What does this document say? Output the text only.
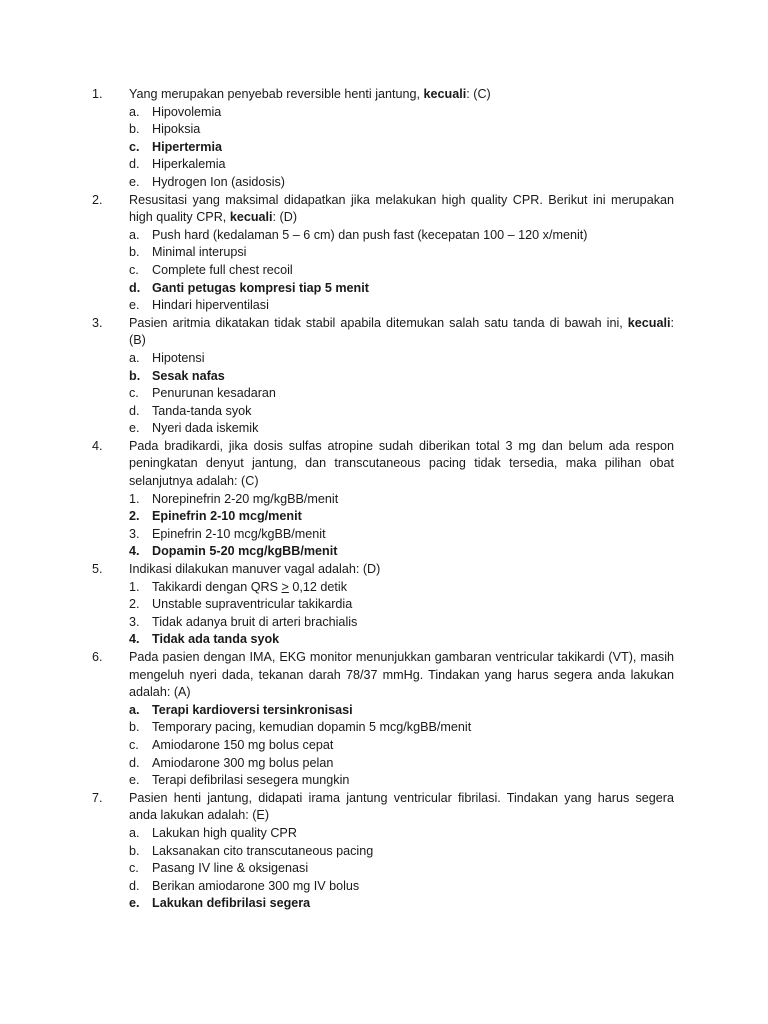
1. Yang merupakan penyebab reversible henti jantung, kecuali: (C)
a. Hipovolemia
b. Hipoksia
c. Hipertermia
d. Hiperkalemia
e. Hydrogen Ion (asidosis)
2. Resusitasi yang maksimal didapatkan jika melakukan high quality CPR. Berikut ini merupakan high quality CPR, kecuali: (D)
a. Push hard (kedalaman 5 – 6 cm) dan push fast (kecepatan 100 – 120 x/menit)
b. Minimal interupsi
c. Complete full chest recoil
d. Ganti petugas kompresi tiap 5 menit
e. Hindari hiperventilasi
3. Pasien aritmia dikatakan tidak stabil apabila ditemukan salah satu tanda di bawah ini, kecuali: (B)
a. Hipotensi
b. Sesak nafas
c. Penurunan kesadaran
d. Tanda-tanda syok
e. Nyeri dada iskemik
4. Pada bradikardi, jika dosis sulfas atropine sudah diberikan total 3 mg dan belum ada respon peningkatan denyut jantung, dan transcutaneous pacing tidak tersedia, maka pilihan obat selanjutnya adalah: (C)
1. Norepinefrin 2-20 mg/kgBB/menit
2. Epinefrin 2-10 mcg/menit
3. Epinefrin 2-10 mcg/kgBB/menit
4. Dopamin 5-20 mcg/kgBB/menit
5. Indikasi dilakukan manuver vagal adalah: (D)
1. Takikardi dengan QRS > 0,12 detik
2. Unstable supraventricular takikardia
3. Tidak adanya bruit di arteri brachialis
4. Tidak ada tanda syok
6. Pada pasien dengan IMA, EKG monitor menunjukkan gambaran ventricular takikardi (VT), masih mengeluh nyeri dada, tekanan darah 78/37 mmHg. Tindakan yang harus segera anda lakukan adalah: (A)
a. Terapi kardioversi tersinkronisasi
b. Temporary pacing, kemudian dopamin 5 mcg/kgBB/menit
c. Amiodarone 150 mg bolus cepat
d. Amiodarone 300 mg bolus pelan
e. Terapi defibrilasi sesegera mungkin
7. Pasien henti jantung, didapati irama jantung ventricular fibrilasi. Tindakan yang harus segera anda lakukan adalah: (E)
a. Lakukan high quality CPR
b. Laksanakan cito transcutaneous pacing
c. Pasang IV line & oksigenasi
d. Berikan amiodarone 300 mg IV bolus
e. Lakukan defibrilasi segera
